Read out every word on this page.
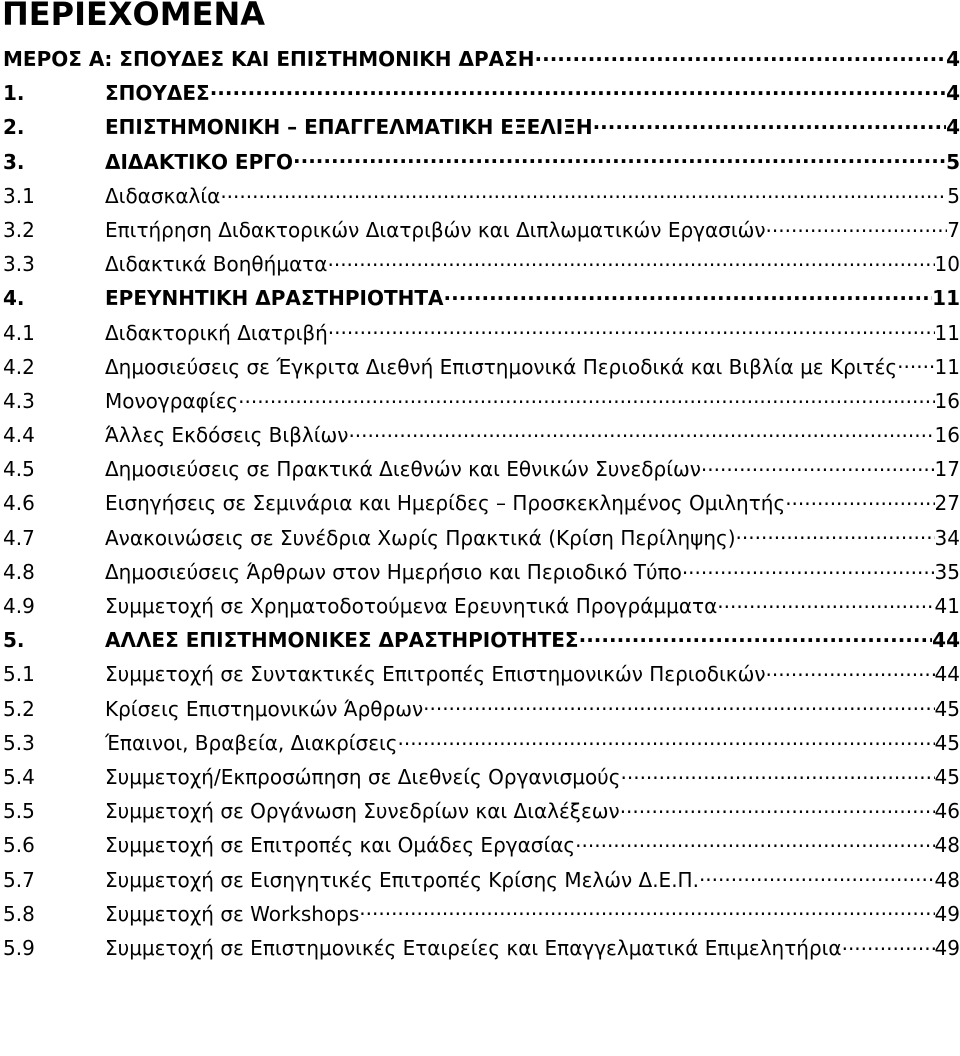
ΠΕΡΙΕΧΟΜΕΝΑ
ΜΕΡΟΣ Α: ΣΠΟΥΔΕΣ ΚΑΙ ΕΠΙΣΤΗΜΟΝΙΚΗ ΔΡΑΣΗ .....	4
1.	ΣΠΟΥΔΕΣ .....	4
2.	ΕΠΙΣΤΗΜΟΝΙΚΗ – ΕΠΑΓΓΕΛΜΑΤΙΚΗ ΕΞΕΛΙΞΗ .....	4
3.	ΔΙΔΑΚΤΙΚΟ ΕΡΓΟ .....	5
3.1	Διδασκαλία .....	5
3.2	Επιτήρηση Διδακτορικών Διατριβών και Διπλωματικών Εργασιών .....	7
3.3	Διδακτικά Βοηθήματα .....	10
4.	ΕΡΕΥΝΗΤΙΚΗ ΔΡΑΣΤΗΡΙΟΤΗΤΑ .....	11
4.1	Διδακτορική Διατριβή .....	11
4.2	Δημοσιεύσεις σε Έγκριτα Διεθνή Επιστημονικά Περιοδικά και Βιβλία με Κριτές ..... 11
4.3	Μονογραφίες .....	16
4.4	Άλλες Εκδόσεις Βιβλίων .....	16
4.5	Δημοσιεύσεις σε Πρακτικά Διεθνών και Εθνικών Συνεδρίων .....	17
4.6	Εισηγήσεις σε Σεμινάρια και Ημερίδες – Προσκεκλημένος Ομιλητής .....	27
4.7	Ανακοινώσεις σε Συνέδρια Χωρίς Πρακτικά (Κρίση Περίληψης) .....	34
4.8	Δημοσιεύσεις Άρθρων στον Ημερήσιο και Περιοδικό Τύπο .....	35
4.9	Συμμετοχή σε Χρηματοδοτούμενα Ερευνητικά Προγράμματα .....	41
5.	ΑΛΛΕΣ ΕΠΙΣΤΗΜΟΝΙΚΕΣ ΔΡΑΣΤΗΡΙΟΤΗΤΕΣ .....	44
5.1	Συμμετοχή σε Συντακτικές Επιτροπές Επιστημονικών Περιοδικών .....	44
5.2	Κρίσεις Επιστημονικών Άρθρων .....	45
5.3	Έπαινοι, Βραβεία, Διακρίσεις .....	45
5.4	Συμμετοχή/Εκπροσώπηση σε Διεθνείς Οργανισμούς .....	45
5.5	Συμμετοχή σε Οργάνωση Συνεδρίων και Διαλέξεων .....	46
5.6	Συμμετοχή σε Επιτροπές και Ομάδες Εργασίας .....	48
5.7	Συμμετοχή σε Εισηγητικές Επιτροπές Κρίσης Μελών Δ.Ε.Π. .....	48
5.8	Συμμετοχή σε Workshops .....	49
5.9	Συμμετοχή σε Επιστημονικές Εταιρείες και Επαγγελματικά Επιμελητήρια .....	49
